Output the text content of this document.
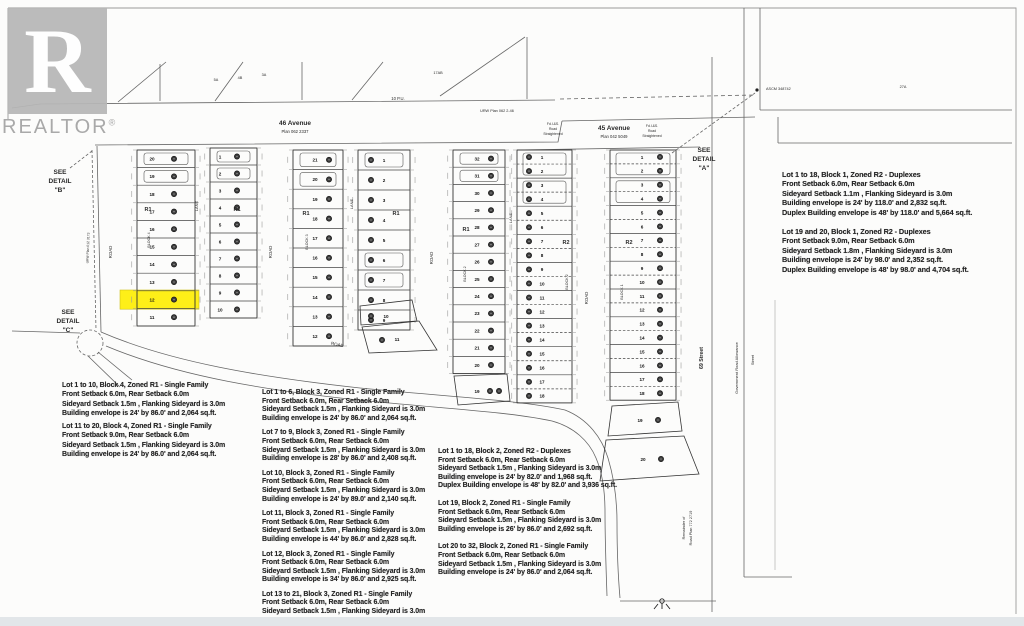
R
REALTOR®
20
19
18
17
16
15
14
13
12
11
1
2
3
4
5
6
7
8
9
10
21
20
19
18
17
16
15
14
13
12
1
2
3
4
5
6
7
8
9
32
31
30
29
28
27
26
25
24
23
22
21
20
1
2
3
4
5
6
7
8
9
10
11
12
13
14
15
16
17
18
1
2
3
4
5
6
7
8
9
10
11
12
13
14
15
16
17
18
10
11
19
19
20
46 Avenue
Plan 062 2337	45 Avenue
Plan 042 5049
10 P.U.
URW Plan 062 2-46
SEE
DETAIL
"B"
SEE
DETAIL
"A"
SEE
DETAIL
"C"
ASCM 348742	27A
17AB
5A	4B
3A
69 Street	Government Road Allowance	Street
Remainder of Road Plan 772 2719
ROAD	ROAD	ROAD
ROAD
ROAD
LANE	LANE
LANE
R1	R1
R1	R1
R1
R2	R2
BLOCK 4	BLOCK 3
BLOCK 2
BLOCK 2
BLOCK 1
URW Plan 012 3173
Fd.I.&S.
Road
Straightened
Fd.I.&S.
Road
Straightened
Lot 1 to 18, Block 1, Zoned R2 - Duplexes
Front Setback 6.0m, Rear Setback 6.0m
Sideyard Setback 1.1m , Flanking Sideyard is 3.0m
Building envelope is 24' by 118.0' and 2,832 sq.ft.
Duplex Building envelope is 48' by 118.0' and 5,664 sq.ft.
Lot 19 and 20, Block 1, Zoned R2 - Duplexes
Front Setback 9.0m, Rear Setback 6.0m
Sideyard Setback 1.8m , Flanking Sideyard is 3.0m
Building envelope is 24' by 98.0' and 2,352 sq.ft.
Duplex Building envelope is 48' by 98.0' and 4,704 sq.ft.
Lot 1 to 10, Block 4, Zoned R1 - Single Family
Front Setback 6.0m, Rear Setback 6.0m
Sideyard Setback 1.5m , Flanking Sideyard is 3.0m
Building envelope is 24' by 86.0' and 2,064 sq.ft.
Lot 11 to 20, Block 4, Zoned R1 - Single Family
Front Setback 9.0m, Rear Setback 6.0m
Sideyard Setback 1.5m , Flanking Sideyard is 3.0m
Building envelope is 24' by 86.0' and 2,064 sq.ft.
Lot 1 to 6, Block 3, Zoned R1 - Single Family
Front Setback 6.0m, Rear Setback 6.0m
Sideyard Setback 1.5m , Flanking Sideyard is 3.0m
Building envelope is 24' by 86.0' and 2,064 sq.ft.
Lot 7 to 9, Block 3, Zoned R1 - Single Family
Front Setback 6.0m, Rear Setback 6.0m
Sideyard Setback 1.5m , Flanking Sideyard is 3.0m
Building envelope is 28' by 86.0' and 2,408 sq.ft.
Lot 10, Block 3, Zoned R1 - Single Family
Front Setback 6.0m, Rear Setback 6.0m
Sideyard Setback 1.5m , Flanking Sideyard is 3.0m
Building envelope is 24' by 89.0' and 2,140 sq.ft.
Lot 11, Block 3, Zoned R1 - Single Family
Front Setback 6.0m, Rear Setback 6.0m
Sideyard Setback 1.5m , Flanking Sideyard is 3.0m
Building envelope is 44' by 86.0' and 2,828 sq.ft.
Lot 12, Block 3, Zoned R1 - Single Family
Front Setback 6.0m, Rear Setback 6.0m
Sideyard Setback 1.5m , Flanking Sideyard is 3.0m
Building envelope is 34' by 86.0' and 2,925 sq.ft.
Lot 13 to 21, Block 3, Zoned R1 - Single Family
Front Setback 6.0m, Rear Setback 6.0m
Sideyard Setback 1.5m , Flanking Sideyard is 3.0m
Lot 1 to 18, Block 2, Zoned R2 - Duplexes
Front Setback 6.0m, Rear Setback 6.0m
Sideyard Setback 1.5m , Flanking Sideyard is 3.0m
Building envelope is 24' by 82.0' and 1,968 sq.ft.
Duplex Building envelope is 48' by 82.0' and 3,936 sq.ft.
Lot 19, Block 2, Zoned R1 - Single Family
Front Setback 6.0m, Rear Setback 6.0m
Sideyard Setback 1.5m , Flanking Sideyard is 3.0m
Building envelope is 26' by 86.0' and 2,692 sq.ft.
Lot 20 to 32, Block 2, Zoned R1 - Single Family
Front Setback 6.0m, Rear Setback 6.0m
Sideyard Setback 1.5m , Flanking Sideyard is 3.0m
Building envelope is 24' by 86.0' and 2,064 sq.ft.
